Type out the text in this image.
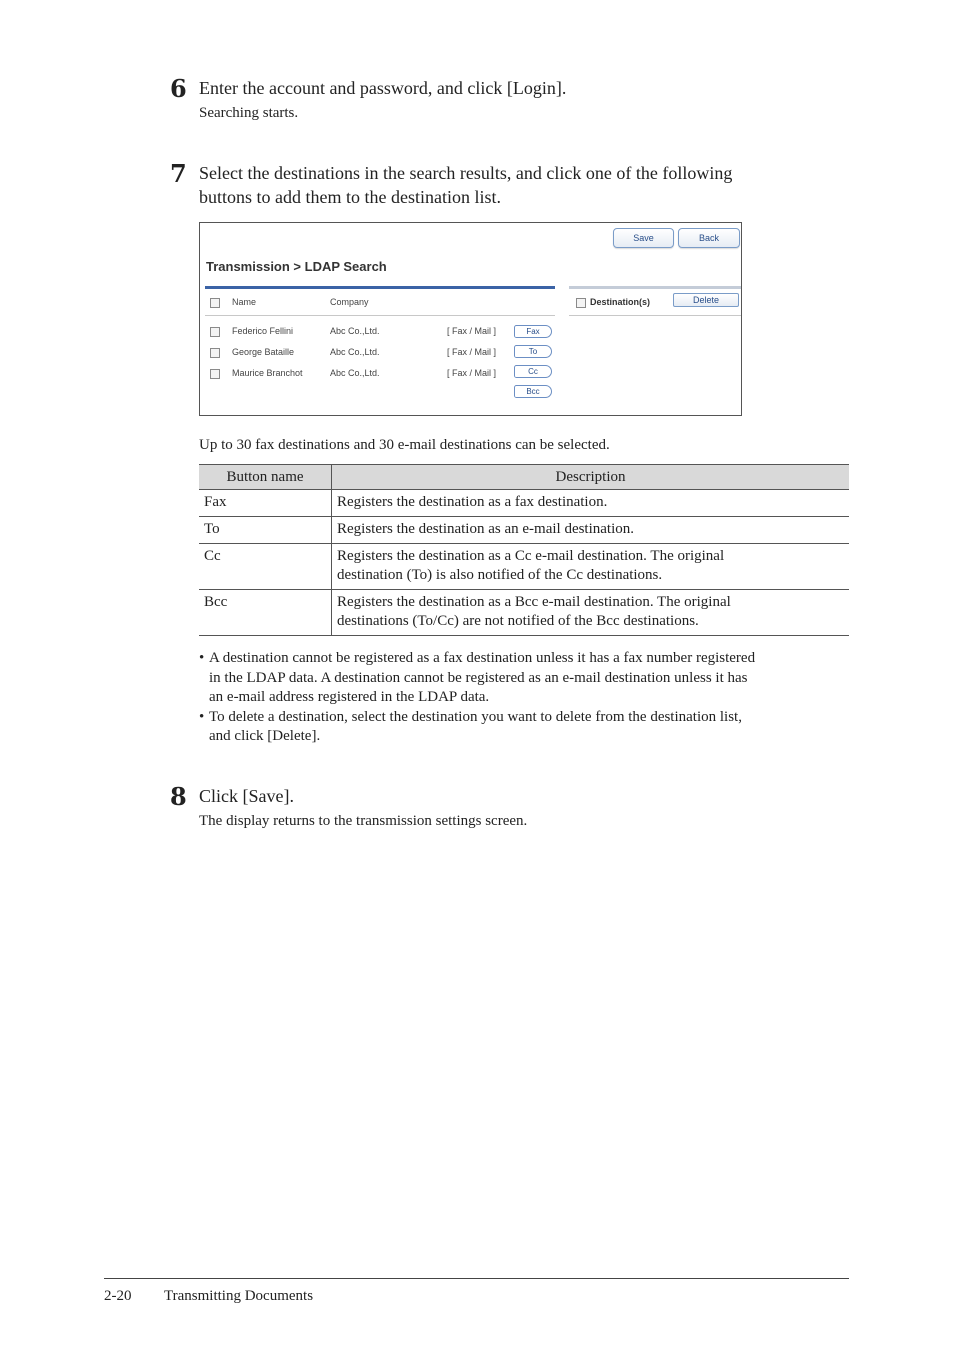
6 Enter the account and password, and click [Login].
Searching starts.
7 Select the destinations in the search results, and click one of the following
buttons to add them to the destination list.
Save	Back
Transmission > LDAP Search
Name	Company	Destination(s)	Delete
Federico Fellini	Abc Co.,Ltd.	[ Fax / Mail ]
George Bataille	Abc Co.,Ltd.	[ Fax / Mail ]
Maurice Branchot	Abc Co.,Ltd.	[ Fax / Mail ]
Fax
To
Cc
Bcc
Up to 30 fax destinations and 30 e-mail destinations can be selected.
Button name	Description
Fax	Registers the destination as a fax destination.
To	Registers the destination as an e-mail destination.
Cc	Registers the destination as a Cc e-mail destination. The original
destination (To) is also notified of the Cc destinations.

Bcc	Registers the destination as a Bcc e-mail destination. The original
destinations (To/Cc) are not notified of the Bcc destinations.
• A destination cannot be registered as a fax destination unless it has a fax number registered
in the LDAP data. A destination cannot be registered as an e-mail destination unless it has
an e-mail address registered in the LDAP data.
• To delete a destination, select the destination you want to delete from the destination list,
and click [Delete].
8 Click [Save].
The display returns to the transmission settings screen.
2-20 Transmitting Documents
